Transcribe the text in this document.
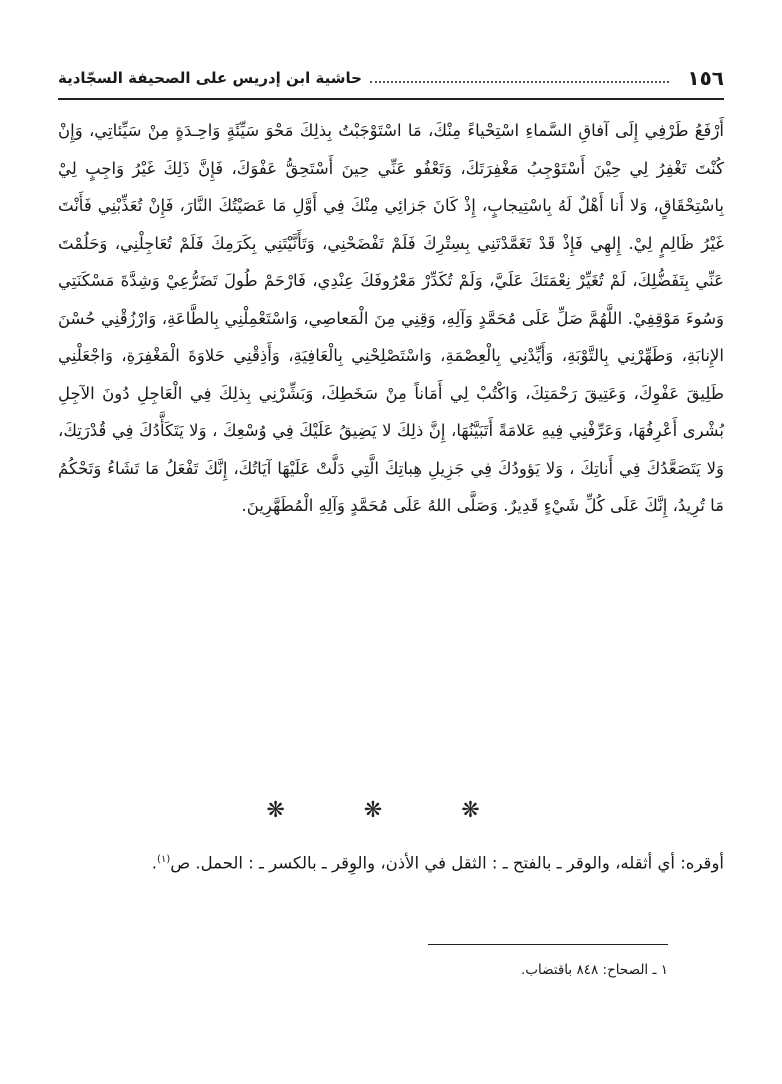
١٥٦
حاشية ابن إدريس على الصحيفة السجّادية

أَرْفَعُ طَرْفِي إِلَى آفاقِ السَّماءِ اسْتِحْياءً مِنْكَ، مَا اسْتَوْجَبْتُ بِذلِكَ مَحْوَ سَيِّئَةٍ وَاحِـدَةٍ مِنْ سَيِّئاتِي، وَإِنْ كُنْتَ تَغْفِرُ لِي حِيْنَ أَسْتَوْجِبُ مَغْفِرَتَكَ، وَتَعْفُو عَنِّي حِينَ أَسْتَحِقُّ عَفْوَكَ، فَإِنَّ ذَلِكَ غَيْرُ وَاجِبٍ لِيْ بِاسْتِحْقَاقٍ، وَلا أَنا أَهْلٌ لَهُ بِاسْتِيجابٍ، إِذْ كَانَ جَزائِي مِنْكَ فِي أَوَّلِ مَا عَصَيْتُكَ النَّارَ، فَإِنْ تُعَذِّبْنِي فَأَنْتَ غَيْرُ ظَالِمٍ لِيْ. إِلهِي فَإِذْ قَدْ تَغَمَّدْتَنِي بِسِتْرِكَ فَلَمْ تَفْضَحْنِي، وَتَأَنَّيْتَنِي بِكَرَمِكَ فَلَمْ تُعَاجِلْنِي، وَحَلُمْتَ عَنِّي بِتَفَضُّلِكَ، لَمْ تُغَيِّرْ نِعْمَتَكَ عَلَيَّ، وَلَمْ تُكَدِّرْ مَعْرُوفَكَ عِنْدِي، فَارْحَمْ طُولَ تَضَرُّعِيْ وَشِدَّةَ مَسْكَنَتِي وَسُوءَ مَوْقِفِيْ. اللَّهُمَّ صَلِّ عَلَى مُحَمَّدٍ وَآلِهِ، وَقِنِي مِنَ الْمَعاصِي، وَاسْتَعْمِلْنِي بِالطَّاعَةِ، وَارْزُقْنِي حُسْنَ الإِنابَةِ، وَطَهِّرْنِي بِالتَّوْبَةِ، وَأَيِّدْنِي بِالْعِصْمَةِ، وَاسْتَصْلِحْنِي بِالْعَافِيَةِ، وَأَذِقْنِي حَلاوَةَ الْمَغْفِرَةِ، وَاجْعَلْنِي طَلِيقَ عَفْوِكَ، وَعَتِيقَ رَحْمَتِكَ، وَاكْتُبْ لِي أَمَاناً مِنْ سَخَطِكَ، وَبَشِّرْنِي بِذلِكَ فِي الْعَاجِلِ دُونَ الآجِلِ بُشْرى أَعْرِفُهَا، وَعَرِّفْنِي فِيهِ عَلامَةً أَتَبَيَّنُهَا، إِنَّ ذلِكَ لا يَضِيقُ عَلَيْكَ فِي وُسْعِكَ ، وَلا يَتَكَأَّدُكَ فِي قُدْرَتِكَ، وَلا يَتَصَعَّدُكَ فِي أَناتِكَ ، وَلا يَؤودُكَ فِي جَزِيلِ هِباتِكَ الَّتِي دَلَّتْ عَلَيْهَا آيَاتُكَ، إِنَّكَ تَفْعَلُ مَا تَشَاءُ وَتَحْكُمُ مَا تُرِيدُ، إِنَّكَ عَلَى كُلِّ شَيْءٍ قَدِيرٌ. وَصَلَّى اللهُ عَلَى مُحَمَّدٍ وَآلِهِ الْمُطَهَّرِينَ.

❋ ❋ ❋
أوقره: أي أثقله، والوقر ـ بالفتح ـ : الثقل في الأذن، والوِقر ـ بالكسر ـ : الحمل. ص$^{(١)}$.
١ ـ الصحاح: ٨٤٨ باقتضاب.
